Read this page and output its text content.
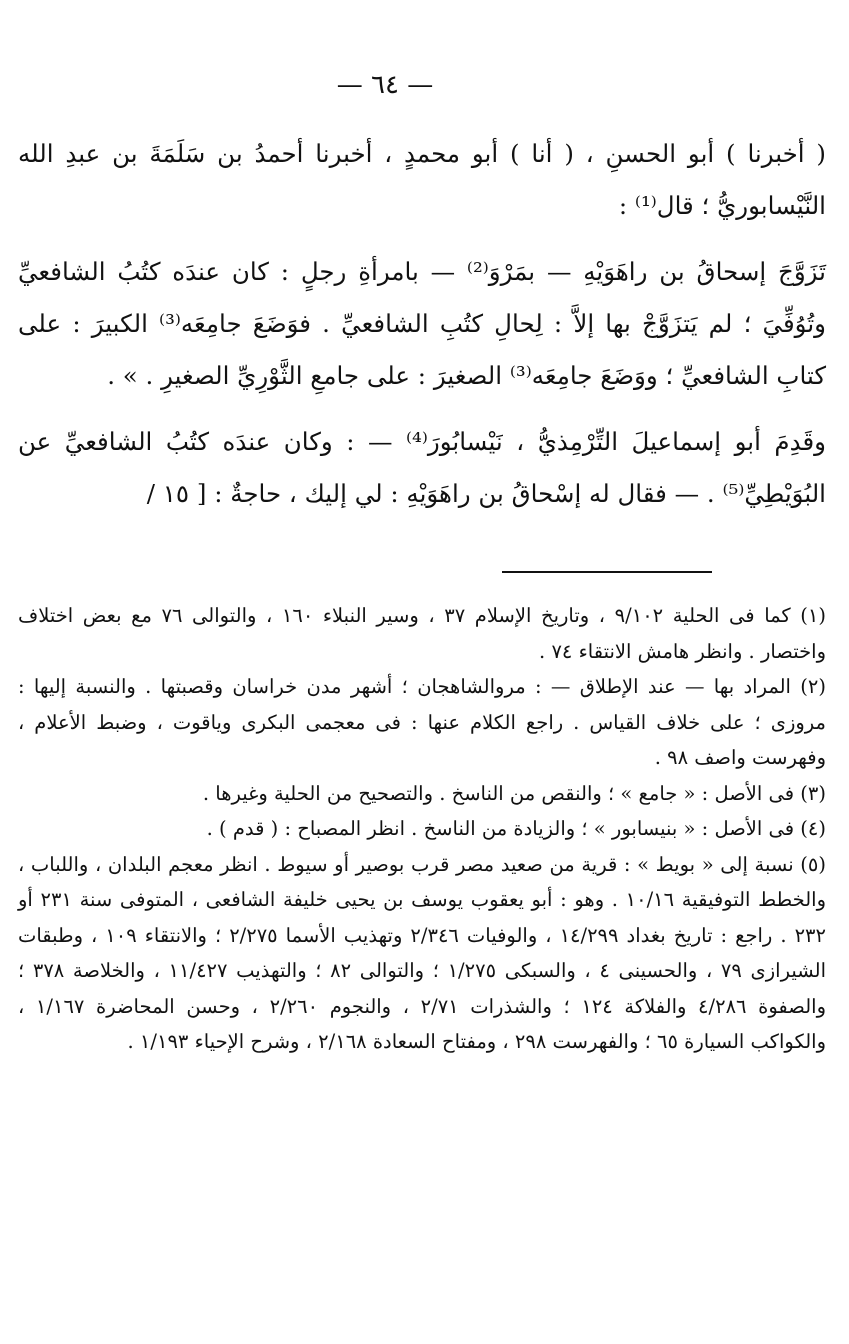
— ٦٤ —

( أخبرنا ) أبو الحسنِ ، ( أنا ) أبو محمدٍ ، أخبرنا أحمدُ بن سَلَمَةَ بن عبدِ الله النَّيْسابوريُّ ؛ قال⁽¹⁾ :

تَزَوَّجَ إسحاقُ بن راهَوَيْهِ — بمَرْوَ⁽²⁾ — بامرأةِ رجلٍ : كان عندَه كتُبُ الشافعيِّ وتُوُفِّيَ ؛ لم يَتزَوَّجْ بها إلاَّ : لِحالِ كتُبِ الشافعيِّ . فوَضَعَ جامِعَه⁽³⁾ الكبيرَ : على كتابِ الشافعيِّ ؛ ووَضَعَ جامِعَه⁽³⁾ الصغيرَ : على جامعِ الثَّوْرِيِّ الصغيرِ . » .

وقَدِمَ أبو إسماعيلَ التِّرْمِذيُّ ، نَيْسابُورَ⁽⁴⁾ — : وكان عندَه كتُبُ الشافعيِّ عن البُوَيْطِيِّ⁽⁵⁾ . — فقال له إسْحاقُ بن راهَوَيْهِ : لي إليك ، حاجةٌ : [ ١٥ /

(١) كما فى الحلية ٩/١٠٢ ، وتاريخ الإسلام ٣٧ ، وسير النبلاء ١٦٠ ، والتوالى ٧٦ مع بعض اختلاف واختصار . وانظر هامش الانتقاء ٧٤ .

(٢) المراد بها — عند الإطلاق — : مروالشاهجان ؛ أشهر مدن خراسان وقصبتها . والنسبة إليها : مروزى ؛ على خلاف القياس . راجع الكلام عنها : فى معجمى البكرى وياقوت ، وضبط الأعلام ، وفهرست واصف ٩٨ .

(٣) فى الأصل : « جامع » ؛ والنقص من الناسخ . والتصحيح من الحلية وغيرها .

(٤) فى الأصل : « بنيسابور » ؛ والزيادة من الناسخ . انظر المصباح : ( قدم ) .

(٥) نسبة إلى « بويط » : قرية من صعيد مصر قرب بوصير أو سيوط . انظر معجم البلدان ، واللباب ، والخطط التوفيقية ١٠/١٦ . وهو : أبو يعقوب يوسف بن يحيى خليفة الشافعى ، المتوفى سنة ٢٣١ أو ٢٣٢ . راجع : تاريخ بغداد ١٤/٢٩٩ ، والوفيات ٢/٣٤٦ وتهذيب الأسما ٢/٢٧٥ ؛ والانتقاء ١٠٩ ، وطبقات الشيرازى ٧٩ ، والحسينى ٤ ، والسبكى ١/٢٧٥ ؛ والتوالى ٨٢ ؛ والتهذيب ١١/٤٢٧ ، والخلاصة ٣٧٨ ؛ والصفوة ٤/٢٨٦ والفلاكة ١٢٤ ؛ والشذرات ٢/٧١ ، والنجوم ٢/٢٦٠ ، وحسن المحاضرة ١/١٦٧ ، والكواكب السيارة ٦٥ ؛ والفهرست ٢٩٨ ، ومفتاح السعادة ٢/١٦٨ ، وشرح الإحياء ١/١٩٣ .
